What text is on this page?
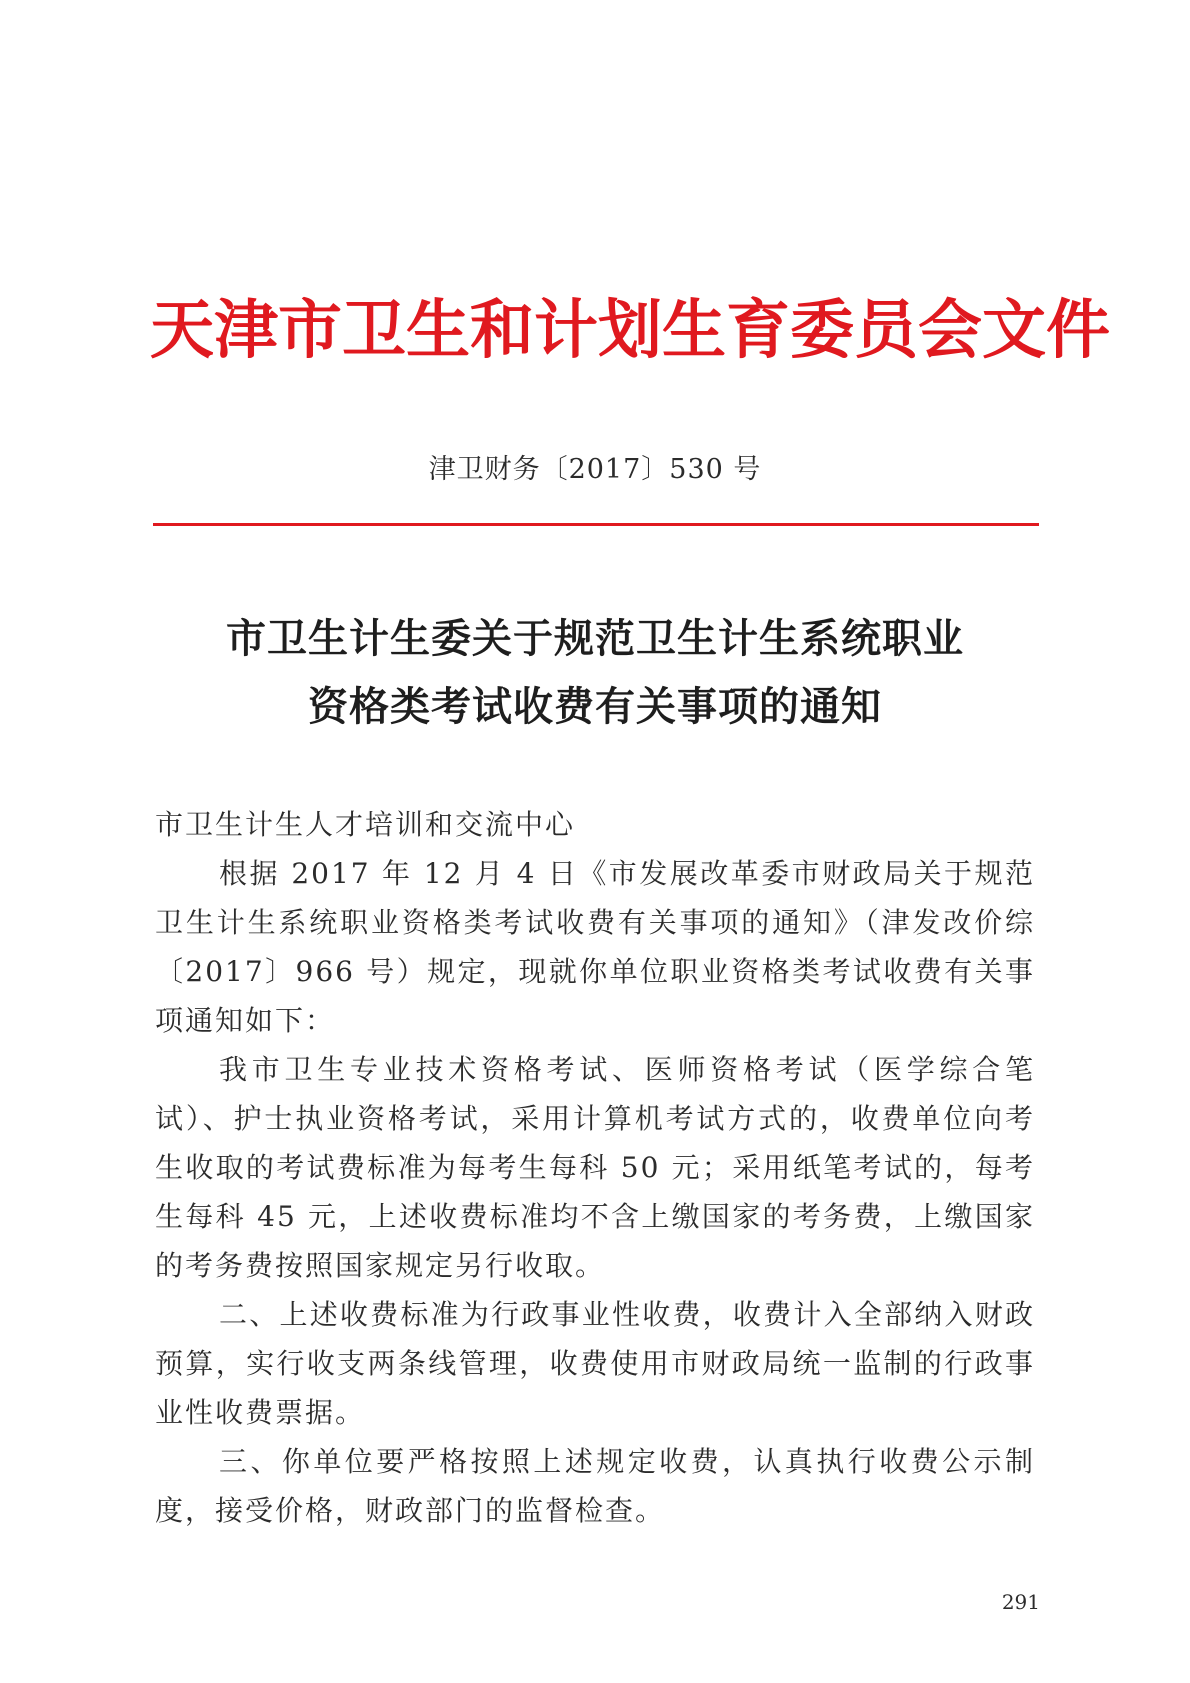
天津市卫生和计划生育委员会文件
津卫财务〔2017〕530 号
市卫生计生委关于规范卫生计生系统职业
资格类考试收费有关事项的通知

市卫生计生人才培训和交流中心

根据 2017 年 12 月 4 日《市发展改革委市财政局关于规范卫生计生系统职业资格类考试收费有关事项的通知》（津发改价综〔2017〕966 号）规定，现就你单位职业资格类考试收费有关事项通知如下：

我市卫生专业技术资格考试、医师资格考试（医学综合笔试）、护士执业资格考试，采用计算机考试方式的，收费单位向考生收取的考试费标准为每考生每科 50 元；采用纸笔考试的，每考生每科 45 元，上述收费标准均不含上缴国家的考务费，上缴国家的考务费按照国家规定另行收取。

二、上述收费标准为行政事业性收费，收费计入全部纳入财政预算，实行收支两条线管理，收费使用市财政局统一监制的行政事业性收费票据。

三、你单位要严格按照上述规定收费，认真执行收费公示制度，接受价格，财政部门的监督检查。

291
